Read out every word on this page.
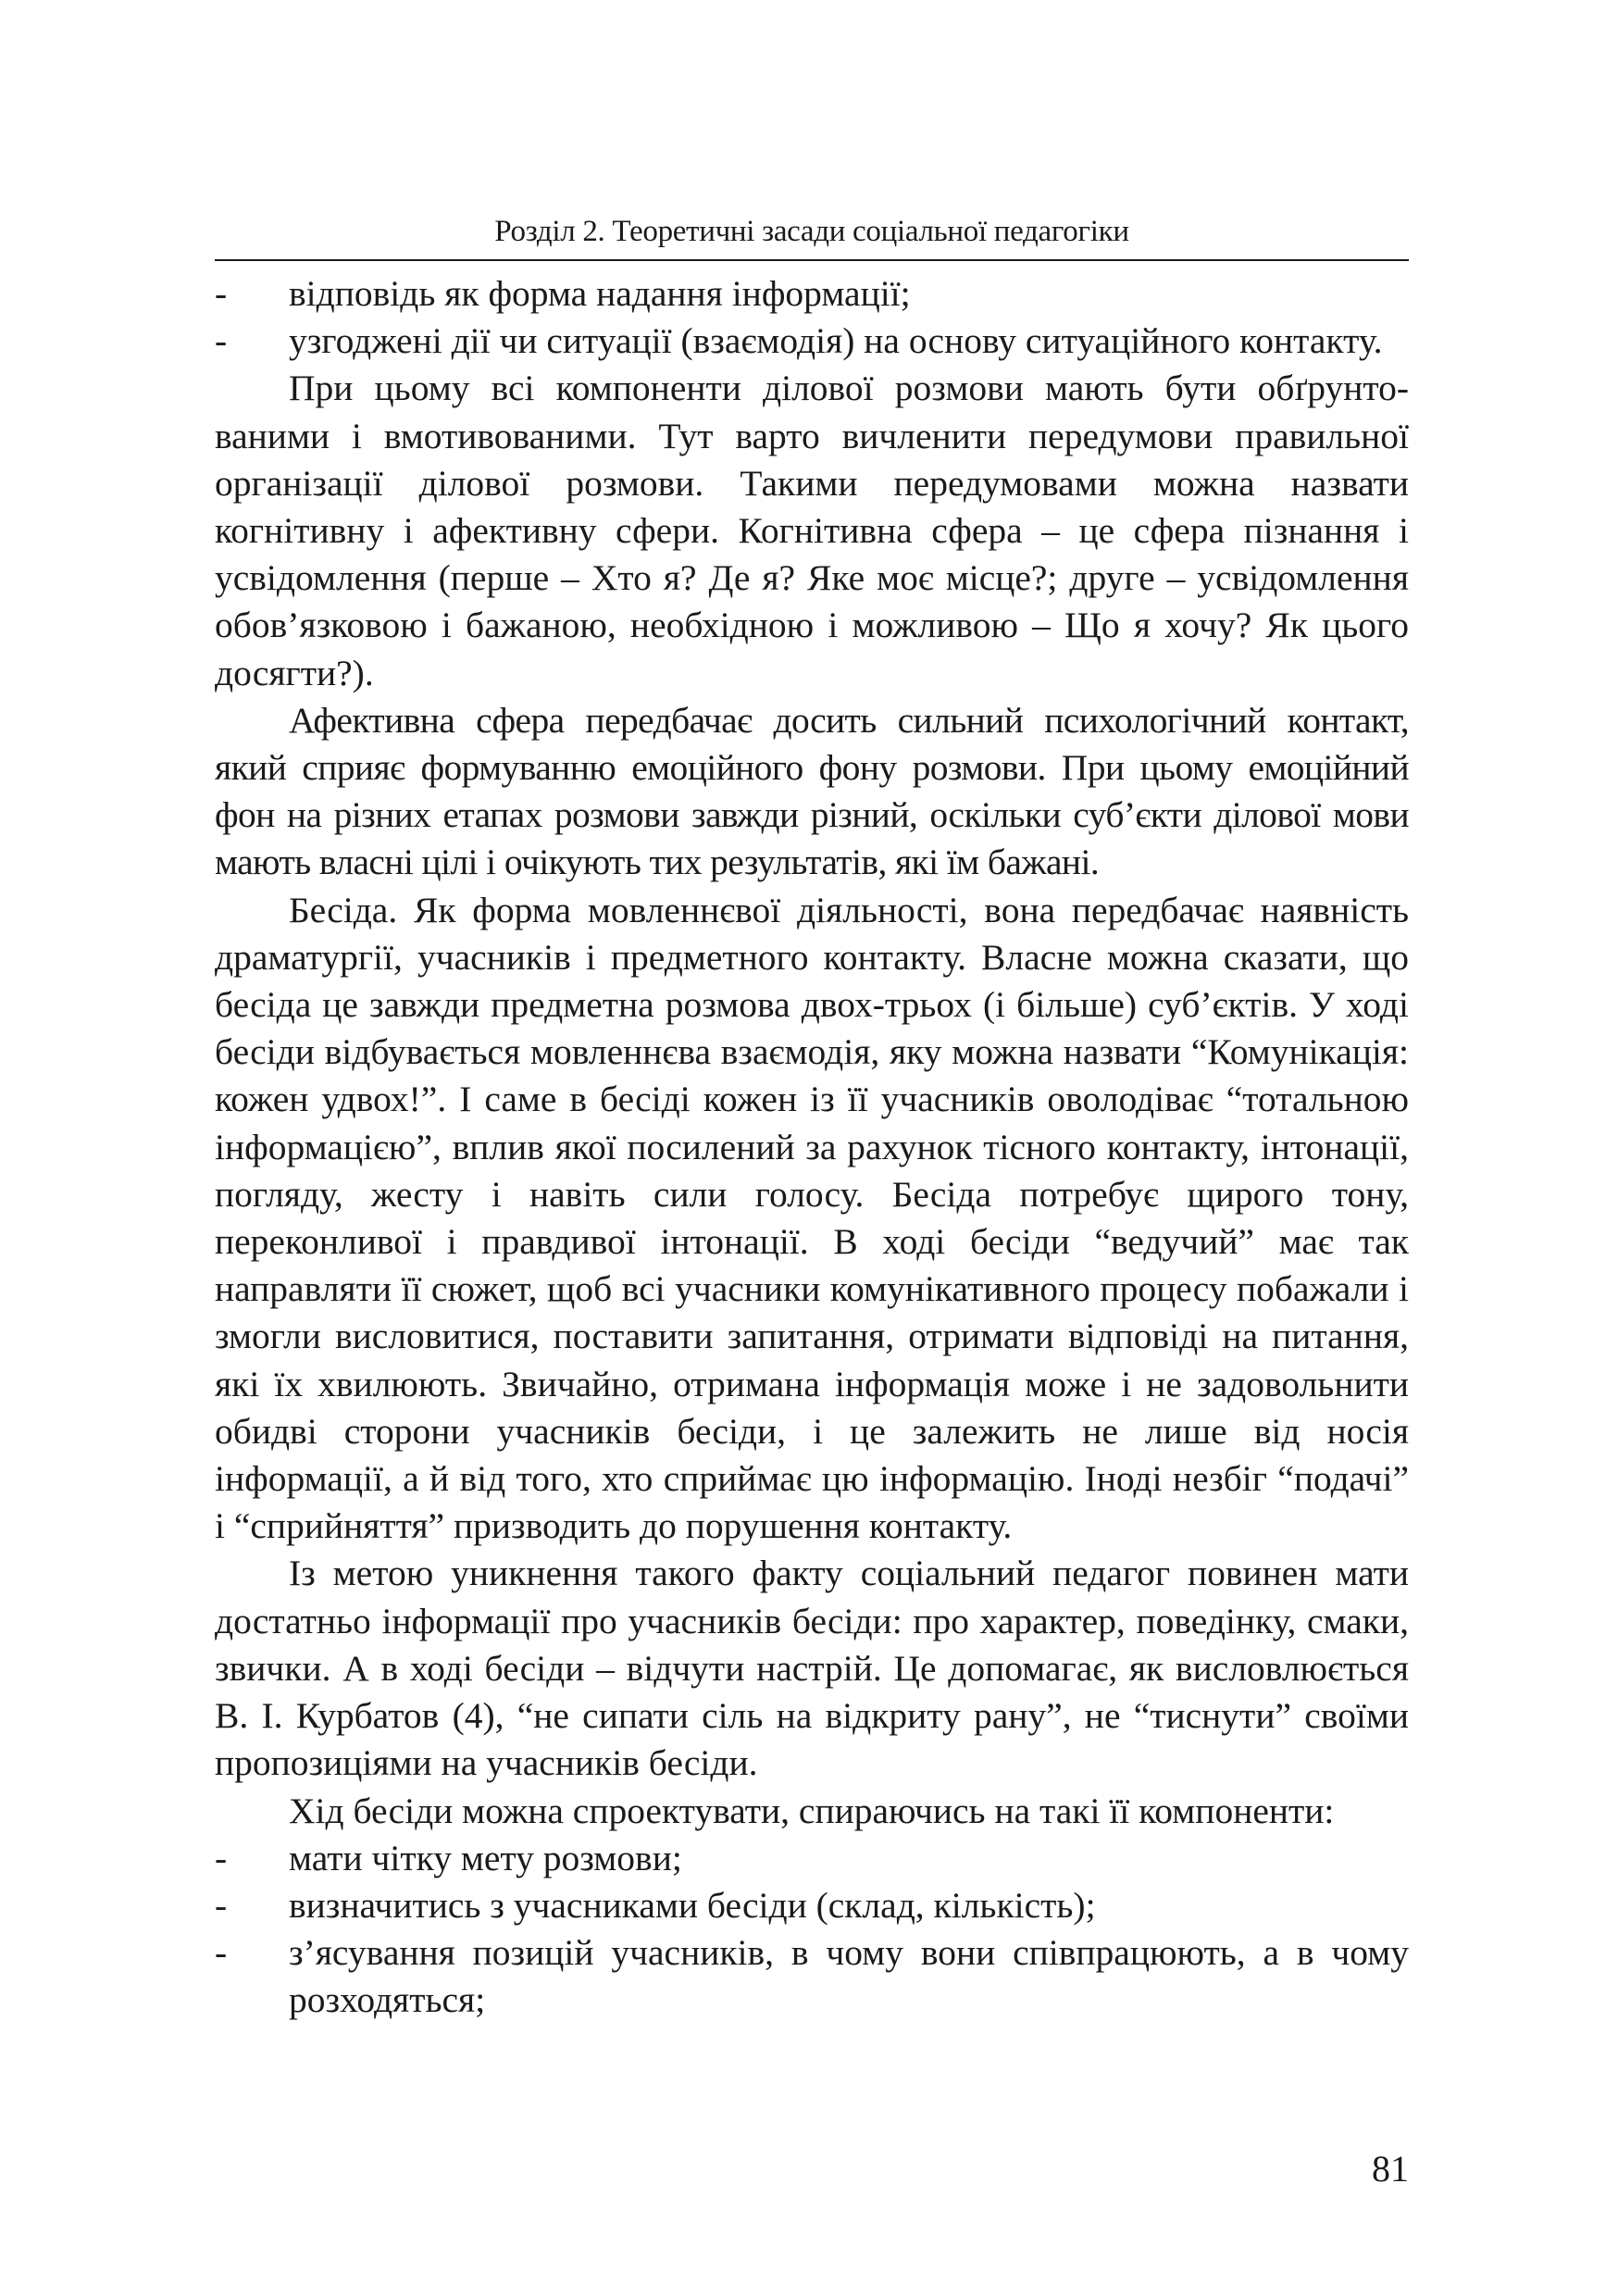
Розділ 2. Теоретичні засади соціальної педагогіки
- відповідь як форма надання інформації;
- узгоджені дії чи ситуації (взаємодія) на основу ситуаційного контакту.

При цьому всі компоненти ділової розмови мають бути обґрунтованими і вмотивованими. Тут варто вичленити передумови правильної організації ділової розмови. Такими передумовами можна назвати когнітивну і афективну сфери. Когнітивна сфера – це сфера пізнання і усвідомлення (перше – Хто я? Де я? Яке моє місце?; друге – усвідомлення обов’язковою і бажаною, необхідною і можливою – Що я хочу? Як цього досягти?).

Афективна сфера передбачає досить сильний психологічний контакт, який сприяє формуванню емоційного фону розмови. При цьому емоційний фон на різних етапах розмови завжди різний, оскільки суб’єкти ділoвої мови мають власні цілі і очікують тих результатів, які їм бажані.

Бесіда. Як форма мовленнєвої діяльності, вона передбачає наявність драматургії, учасників і предметного контакту. Власне можна сказати, що бесіда це завжди предметна розмова двох-трьох (і більше) суб’єктів. У ході бесіди відбувається мовленнєва взаємодія, яку можна назвати “Комунікація: кожен удвох!”. І саме в бесіді кожен із її учасників оволодіває “тотальною інформацією”, вплив якої посилений за рахунок тісного контакту, інтонації, погляду, жесту і навіть сили голосу. Бесіда потребує щирого тону, переконливої і правдивої інтонації. В ході бесіди “ведучий” має так направляти її сюжет, щоб всі учасники комунікативного процесу побажали і змогли вислoвитися, поставити запитання, отримати відповіді на питання, які їх хвилюють. Звичайно, отримана інформація може і не задовольнити обидві сторони учасників бесіди, і це залежить не лише від носія інформації, а й від того, хто сприймає цю інформацію. Іноді незбіг “подачі” і “сприйняття” призводить до порушення контакту.

Із метою уникнення такого факту соціальний педагог повинен мати достатньо інформації про учасників бесіди: про характер, поведінку, смаки, звички. А в ході бесіди – відчути настрій. Це допомагає, як висловлюється В. І. Курбатов (4), “не сипати сіль на відкриту рану”, не “тиснути” своїми пропозиціями на учасників бесіди.

Хід бесіди можна спроектувати, спираючись на такі її компоненти:

- мати чітку мету розмови;
- визначитись з учасниками бесіди (склад, кількість);
- з’ясування позицій учасників, в чому вони співпрацюють, а в чому розходяться;
81
